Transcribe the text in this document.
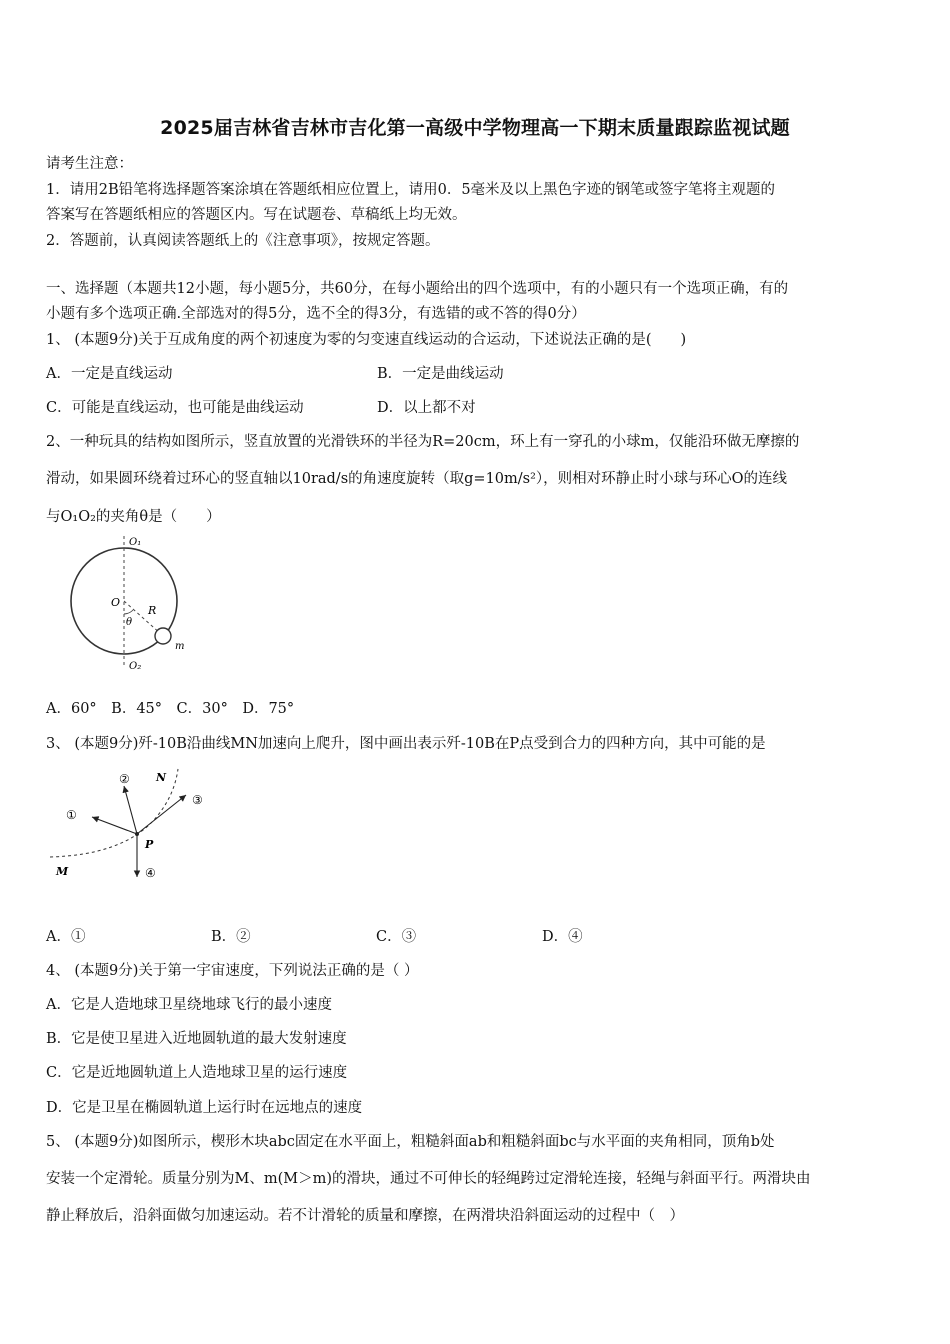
2025届吉林省吉林市吉化第一高级中学物理高一下期末质量跟踪监视试题
请考生注意：
1．请用2B铅笔将选择题答案涂填在答题纸相应位置上，请用0．5毫米及以上黑色字迹的钢笔或签字笔将主观题的
答案写在答题纸相应的答题区内。写在试题卷、草稿纸上均无效。
2．答题前，认真阅读答题纸上的《注意事项》，按规定答题。
一、选择题（本题共12小题，每小题5分，共60分，在每小题给出的四个选项中，有的小题只有一个选项正确，有的
小题有多个选项正确.全部选对的得5分，选不全的得3分，有选错的或不答的得0分）
1、 (本题9分)关于互成角度的两个初速度为零的匀变速直线运动的合运动，下述说法正确的是(　　)
A．一定是直线运动	B．一定是曲线运动
C．可能是直线运动，也可能是曲线运动	D．以上都不对
2、一种玩具的结构如图所示，竖直放置的光滑铁环的半径为R=20cm，环上有一穿孔的小球m，仅能沿环做无摩擦的
滑动，如果圆环绕着过环心的竖直轴以10rad/s的角速度旋转（取g=10m/s²），则相对环静止时小球与环心O的连线
与O₁O₂的夹角θ是（　　）
O₁
O₂
O
R
θ
m
A．60°　B．45°　C．30°　D．75°
3、 (本题9分)歼-10B沿曲线MN加速向上爬升，图中画出表示歼-10B在P点受到合力的四种方向，其中可能的是
①
②
③
④
N
M
P
A．①	B．②	C．③	D．④
4、 (本题9分)关于第一宇宙速度，下列说法正确的是（ ）
A．它是人造地球卫星绕地球飞行的最小速度
B．它是使卫星进入近地圆轨道的最大发射速度
C．它是近地圆轨道上人造地球卫星的运行速度
D．它是卫星在椭圆轨道上运行时在远地点的速度
5、 (本题9分)如图所示，楔形木块abc固定在水平面上，粗糙斜面ab和粗糙斜面bc与水平面的夹角相同，顶角b处
安装一个定滑轮。质量分别为M、m(M＞m)的滑块，通过不可伸长的轻绳跨过定滑轮连接，轻绳与斜面平行。两滑块由
静止释放后，沿斜面做匀加速运动。若不计滑轮的质量和摩擦，在两滑块沿斜面运动的过程中（　）
